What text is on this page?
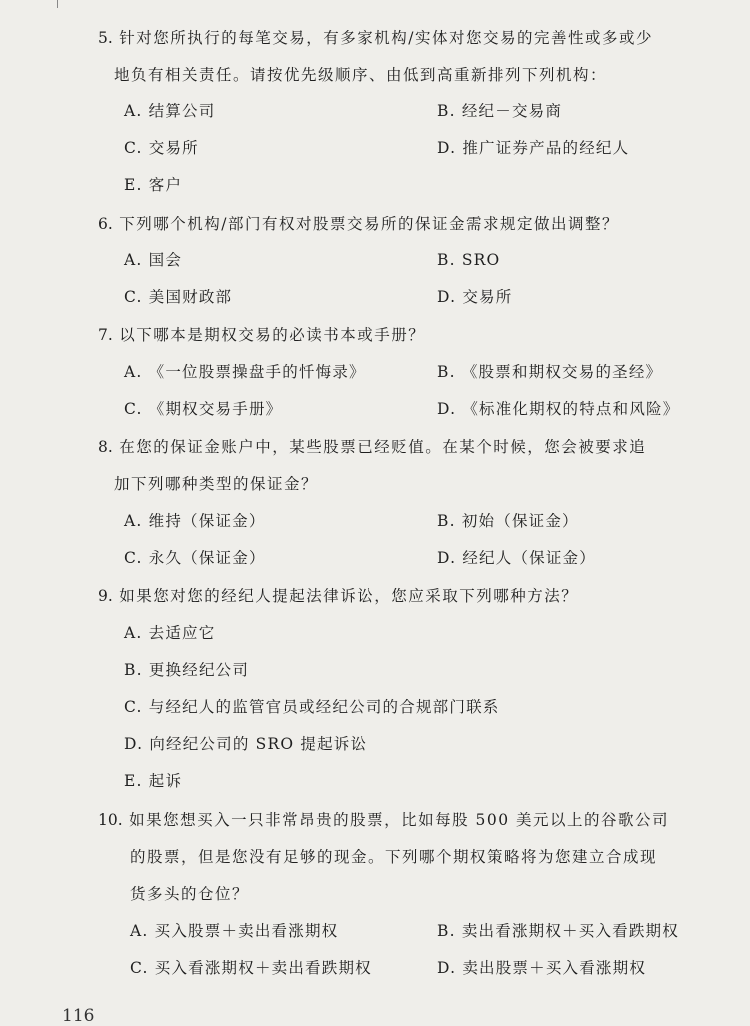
5. 针对您所执行的每笔交易，有多家机构/实体对您交易的完善性或多或少
地负有相关责任。请按优先级顺序、由低到高重新排列下列机构：
A. 结算公司	B. 经纪－交易商
C. 交易所	D. 推广证券产品的经纪人
E. 客户
6. 下列哪个机构/部门有权对股票交易所的保证金需求规定做出调整？
A. 国会	B. SRO
C. 美国财政部	D. 交易所
7. 以下哪本是期权交易的必读书本或手册？
A. 《一位股票操盘手的忏悔录》	B. 《股票和期权交易的圣经》
C. 《期权交易手册》	D. 《标准化期权的特点和风险》
8. 在您的保证金账户中，某些股票已经贬值。在某个时候，您会被要求追
加下列哪种类型的保证金？
A. 维持（保证金）	B. 初始（保证金）
C. 永久（保证金）	D. 经纪人（保证金）
9. 如果您对您的经纪人提起法律诉讼，您应采取下列哪种方法？
A. 去适应它
B. 更换经纪公司
C. 与经纪人的监管官员或经纪公司的合规部门联系
D. 向经纪公司的 SRO 提起诉讼
E. 起诉
10. 如果您想买入一只非常昂贵的股票，比如每股 500 美元以上的谷歌公司
的股票，但是您没有足够的现金。下列哪个期权策略将为您建立合成现
货多头的仓位？
A. 买入股票＋卖出看涨期权	B. 卖出看涨期权＋买入看跌期权
C. 买入看涨期权＋卖出看跌期权	D. 卖出股票＋买入看涨期权
116
